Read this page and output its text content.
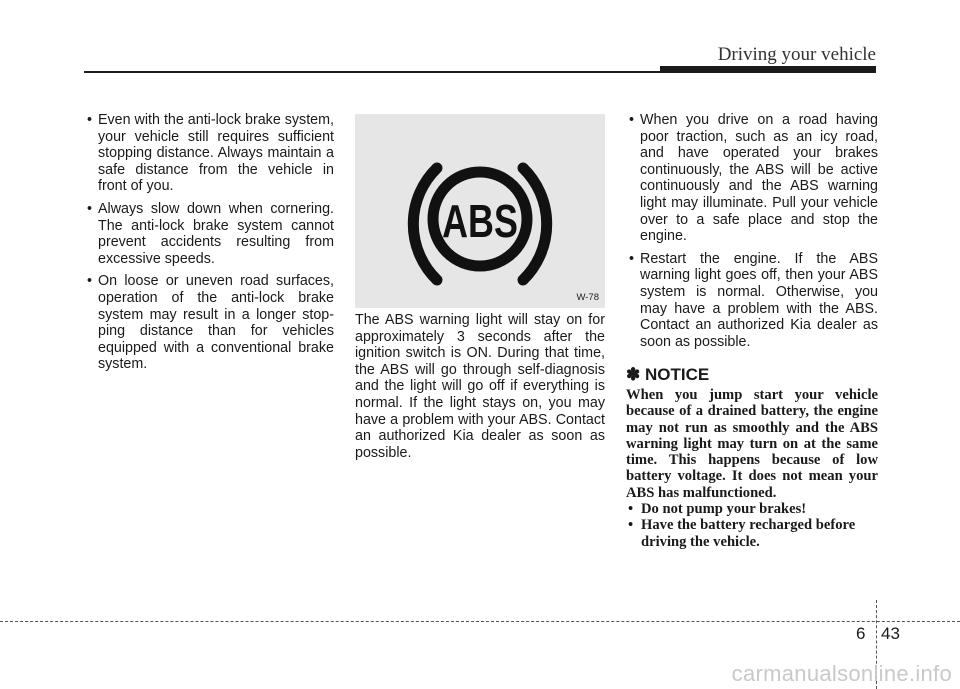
Driving your vehicle
• Even with the anti-lock brake system, your vehicle still requires sufficient stopping distance. Always maintain a safe distance from the vehicle in front of you.
• Always slow down when cornering. The anti-lock brake system cannot prevent accidents resulting from excessive speeds.
• On loose or uneven road surfaces, operation of the anti-lock brake system may result in a longer stopping distance than for vehicles equipped with a conventional brake system.
ABS
W-78
The ABS warning light will stay on for approximately 3 seconds after the ignition switch is ON. During that time, the ABS will go through self-diagnosis and the light will go off if everything is normal. If the light stays on, you may have a problem with your ABS. Contact an authorized Kia dealer as soon as possible.
• When you drive on a road having poor traction, such as an icy road, and have operated your brakes continuously, the ABS will be active continuously and the ABS warning light may illuminate. Pull your vehicle over to a safe place and stop the engine.
• Restart the engine. If the ABS warning light goes off, then your ABS system is normal. Otherwise, you may have a problem with the ABS. Contact an authorized Kia dealer as soon as possible.
✽ NOTICE

When you jump start your vehicle because of a drained battery, the engine may not run as smoothly and the ABS warning light may turn on at the same time. This happens because of low battery voltage. It does not mean your ABS has malfunctioned.

• Do not pump your brakes!
• Have the battery recharged before driving the vehicle.
6 43
carmanualsonline.info
